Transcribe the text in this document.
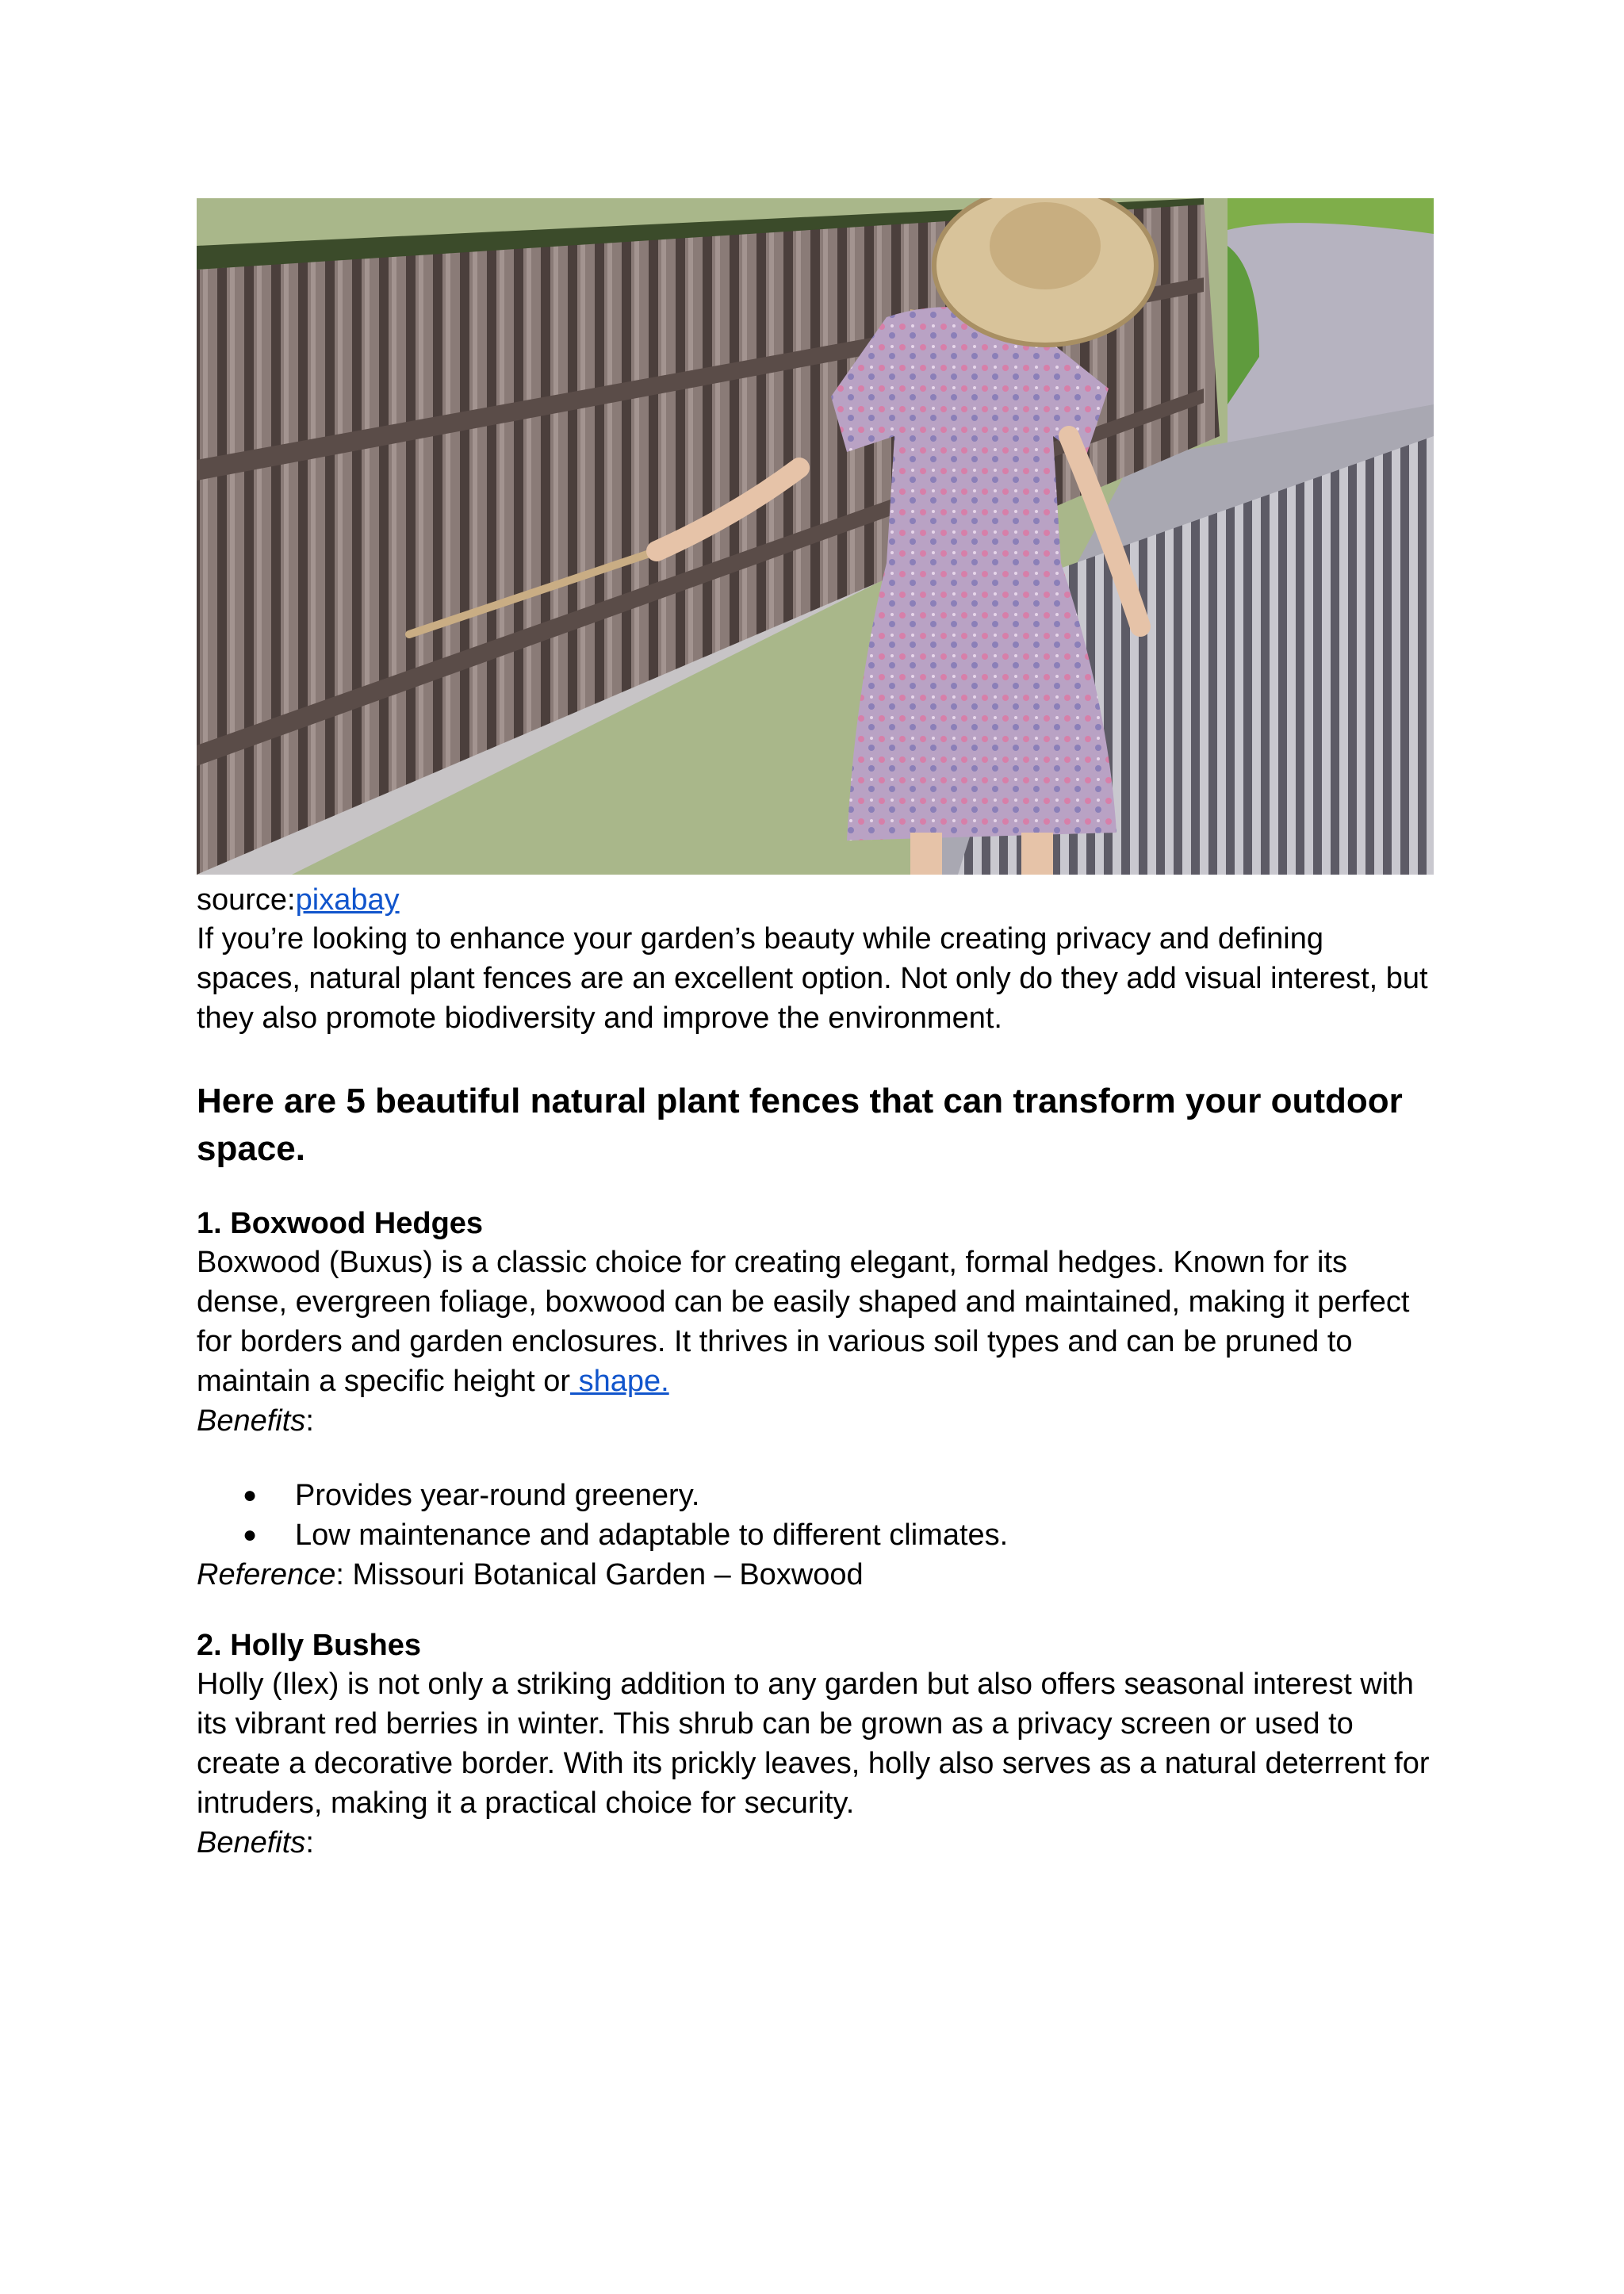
source:pixabay

If you’re looking to enhance your garden’s beauty while creating privacy and defining spaces, natural plant fences are an excellent option. Not only do they add visual interest, but they also promote biodiversity and improve the environment.

Here are 5 beautiful natural plant fences that can transform your outdoor space.
1. Boxwood Hedges

Boxwood (Buxus) is a classic choice for creating elegant, formal hedges. Known for its dense, evergreen foliage, boxwood can be easily shaped and maintained, making it perfect for borders and garden enclosures. It thrives in various soil types and can be pruned to maintain a specific height or shape.

Benefits:

●	Provides year-round greenery.
●	Low maintenance and adaptable to different climates.

Reference: Missouri Botanical Garden – Boxwood

2. Holly Bushes

Holly (Ilex) is not only a striking addition to any garden but also offers seasonal interest with its vibrant red berries in winter. This shrub can be grown as a privacy screen or used to create a decorative border. With its prickly leaves, holly also serves as a natural deterrent for intruders, making it a practical choice for security.

Benefits:
